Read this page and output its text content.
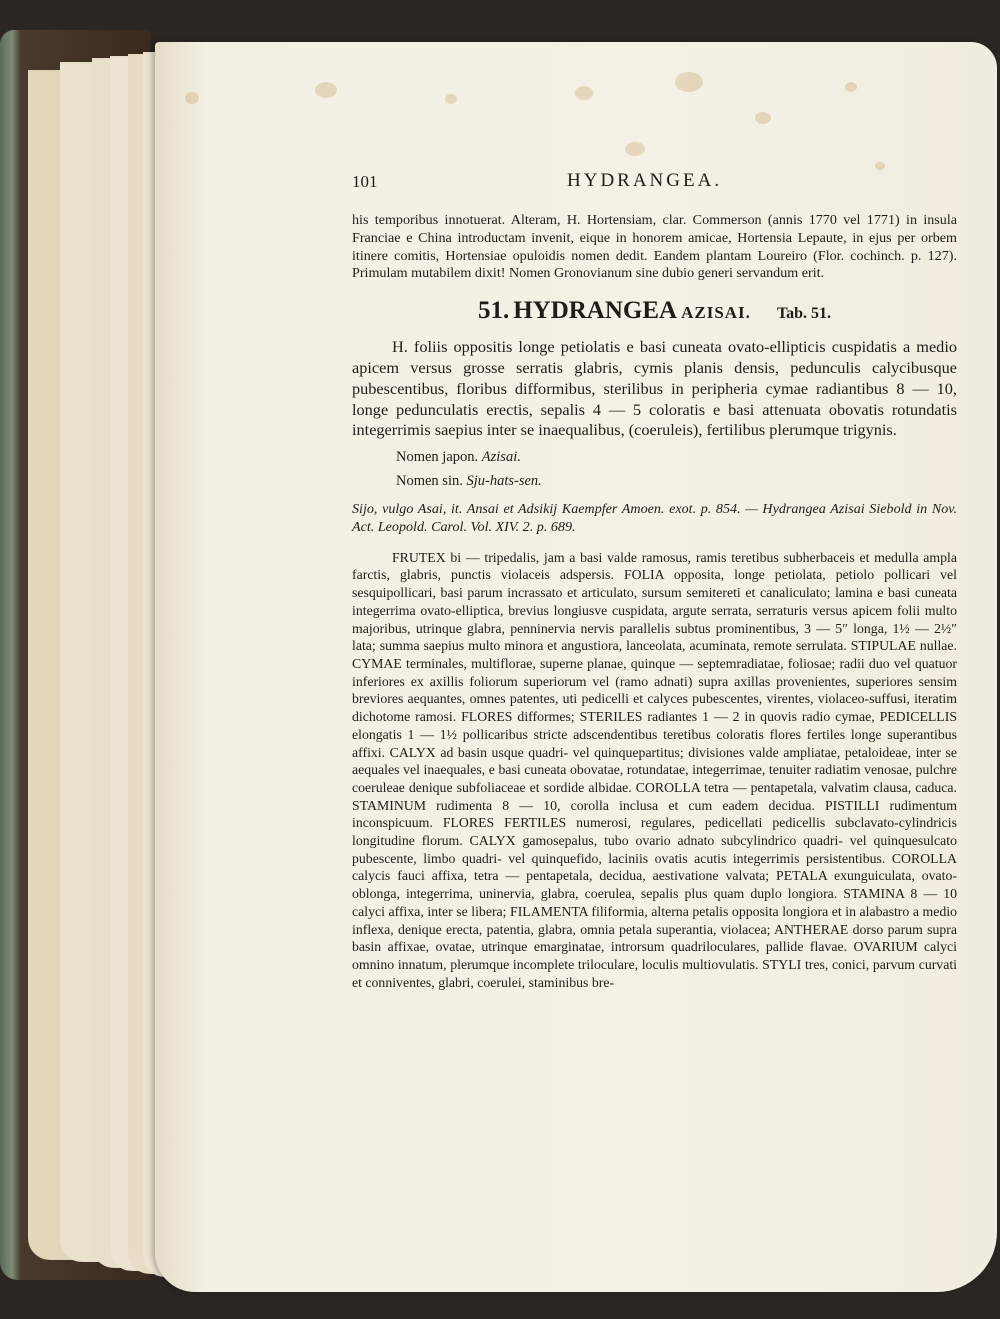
101	HYDRANGEA.

his temporibus innotuerat. Alteram, H. Hortensiam, clar. Commerson (annis 1770 vel 1771) in insula Franciae e China introductam invenit, eique in honorem amicae, Hortensia Lepaute, in ejus per orbem itinere comitis, Hortensiae opuloidis nomen dedit. Eandem plantam Loureiro (Flor. cochinch. p. 127). Primulam mutabilem dixit! Nomen Gronovianum sine dubio generi servandum erit.

51. HYDRANGEA AZISAI. Tab. 51.

H. foliis oppositis longe petiolatis e basi cuneata ovato-ellipticis cuspidatis a medio apicem versus grosse serratis glabris, cymis planis densis, pedunculis calycibusque pubescentibus, floribus difformibus, sterilibus in peripheria cymae radiantibus 8 — 10, longe pedunculatis erectis, sepalis 4 — 5 coloratis e basi attenuata obovatis rotundatis integerrimis saepius inter se inaequalibus, (coeruleis), fertilibus plerumque trigynis.

Nomen japon. Azisai.
Nomen sin. Sju-hats-sen.

Sijo, vulgo Asai, it. Ansai et Adsikij Kaempfer Amoen. exot. p. 854. — Hydrangea Azisai Siebold in Nov. Act. Leopold. Carol. Vol. XIV. 2. p. 689.

FRUTEX bi — tripedalis, jam a basi valde ramosus, ramis teretibus subherbaceis et medulla ampla farctis, glabris, punctis violaceis adspersis. FOLIA opposita, longe petiolata, petiolo pollicari vel sesquipollicari, basi parum incrassato et articulato, sursum semitereti et canaliculato; lamina e basi cuneata integerrima ovato-elliptica, brevius longiusve cuspidata, argute serrata, serraturis versus apicem folii multo majoribus, utrinque glabra, penninervia nervis parallelis subtus prominentibus, 3 — 5″ longa, 1½ — 2½″ lata; summa saepius multo minora et angustiora, lanceolata, acuminata, remote serrulata. STIPULAE nullae. CYMAE terminales, multiflorae, superne planae, quinque — septemradiatae, foliosae; radii duo vel quatuor inferiores ex axillis foliorum superiorum vel (ramo adnati) supra axillas provenientes, superiores sensim breviores aequantes, omnes patentes, uti pedicelli et calyces pubescentes, virentes, violaceo-suffusi, iteratim dichotome ramosi. FLORES difformes; STERILES radiantes 1 — 2 in quovis radio cymae, PEDICELLIS elongatis 1 — 1½ pollicaribus stricte adscendentibus teretibus coloratis flores fertiles longe superantibus affixi. CALYX ad basin usque quadri- vel quinquepartitus; divisiones valde ampliatae, petaloideae, inter se aequales vel inaequales, e basi cuneata obovatae, rotundatae, integerrimae, tenuiter radiatim venosae, pulchre coeruleae denique subfoliaceae et sordide albidae. COROLLA tetra — pentapetala, valvatim clausa, caduca. STAMINUM rudimenta 8 — 10, corolla inclusa et cum eadem decidua. PISTILLI rudimentum inconspicuum. FLORES FERTILES numerosi, regulares, pedicellati pedicellis subclavato-cylindricis longitudine florum. CALYX gamosepalus, tubo ovario adnato subcylindrico quadri- vel quinquesulcato pubescente, limbo quadri- vel quinquefido, laciniis ovatis acutis integerrimis persistentibus. COROLLA calycis fauci affixa, tetra — pentapetala, decidua, aestivatione valvata; PETALA exunguiculata, ovato-oblonga, integerrima, uninervia, glabra, coerulea, sepalis plus quam duplo longiora. STAMINA 8 — 10 calyci affixa, inter se libera; FILAMENTA filiformia, alterna petalis opposita longiora et in alabastro a medio inflexa, denique erecta, patentia, glabra, omnia petala superantia, violacea; ANTHERAE dorso parum supra basin affixae, ovatae, utrinque emarginatae, introrsum quadriloculares, pallide flavae. OVARIUM calyci omnino innatum, plerumque incomplete triloculare, loculis multiovulatis. STYLI tres, conici, parvum curvati et conniventes, glabri, coerulei, staminibus bre-
